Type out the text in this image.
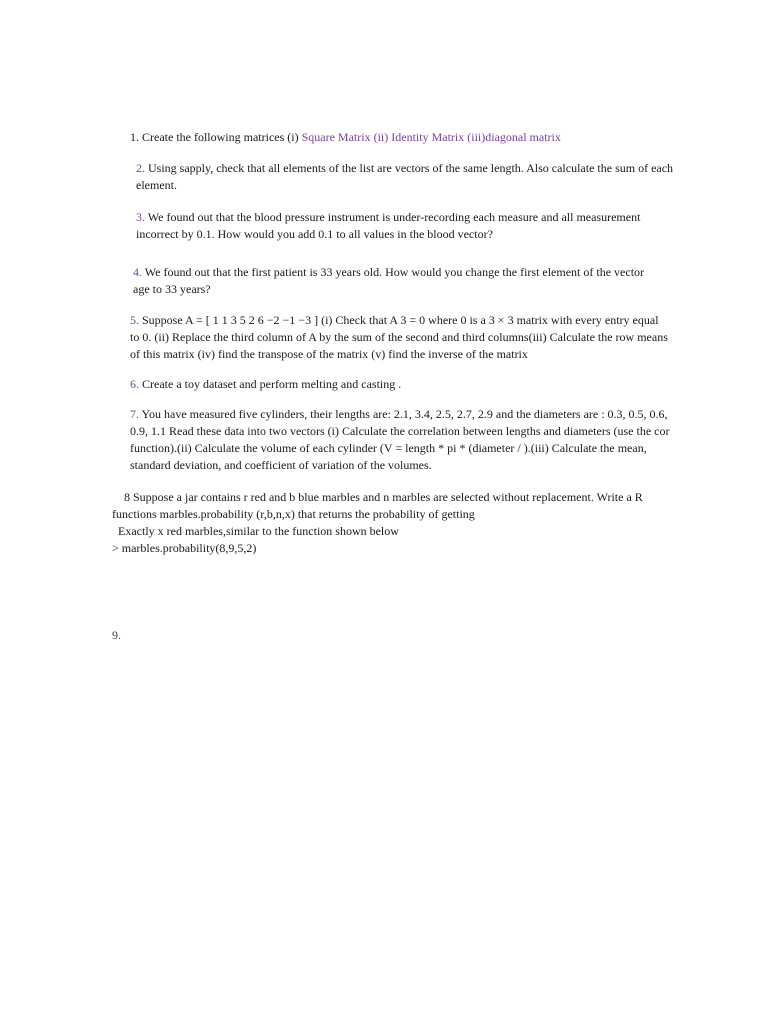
1. Create the following matrices (i) Square Matrix (ii) Identity Matrix (iii)diagonal matrix
2. Using sapply, check that all elements of the list are vectors of the same length. Also calculate the sum of each
element.
3. We found out that the blood pressure instrument is under-recording each measure and all measurement
incorrect by 0.1. How would you add 0.1 to all values in the blood vector?
4. We found out that the first patient is 33 years old. How would you change the first element of the vector
age to 33 years?
5. Suppose A = [ 1 1 3 5 2 6 −2 −1 −3 ] (i) Check that A 3 = 0 where 0 is a 3 × 3 matrix with every entry equal
to 0. (ii) Replace the third column of A by the sum of the second and third columns(iii) Calculate the row means
of this matrix (iv) find the transpose of the matrix (v) find the inverse of the matrix
6. Create a toy dataset and perform melting and casting .
7. You have measured five cylinders, their lengths are: 2.1, 3.4, 2.5, 2.7, 2.9 and the diameters are : 0.3, 0.5, 0.6,
0.9, 1.1 Read these data into two vectors (i) Calculate the correlation between lengths and diameters (use the cor
function).(ii) Calculate the volume of each cylinder (V = length * pi * (diameter / ).(iii) Calculate the mean,
standard deviation, and coefficient of variation of the volumes.
8 Suppose a jar contains r red and b blue marbles and n marbles are selected without replacement. Write a R
functions marbles.probability (r,b,n,x) that returns the probability of getting
Exactly x red marbles,similar to the function shown below
> marbles.probability(8,9,5,2)
9.
